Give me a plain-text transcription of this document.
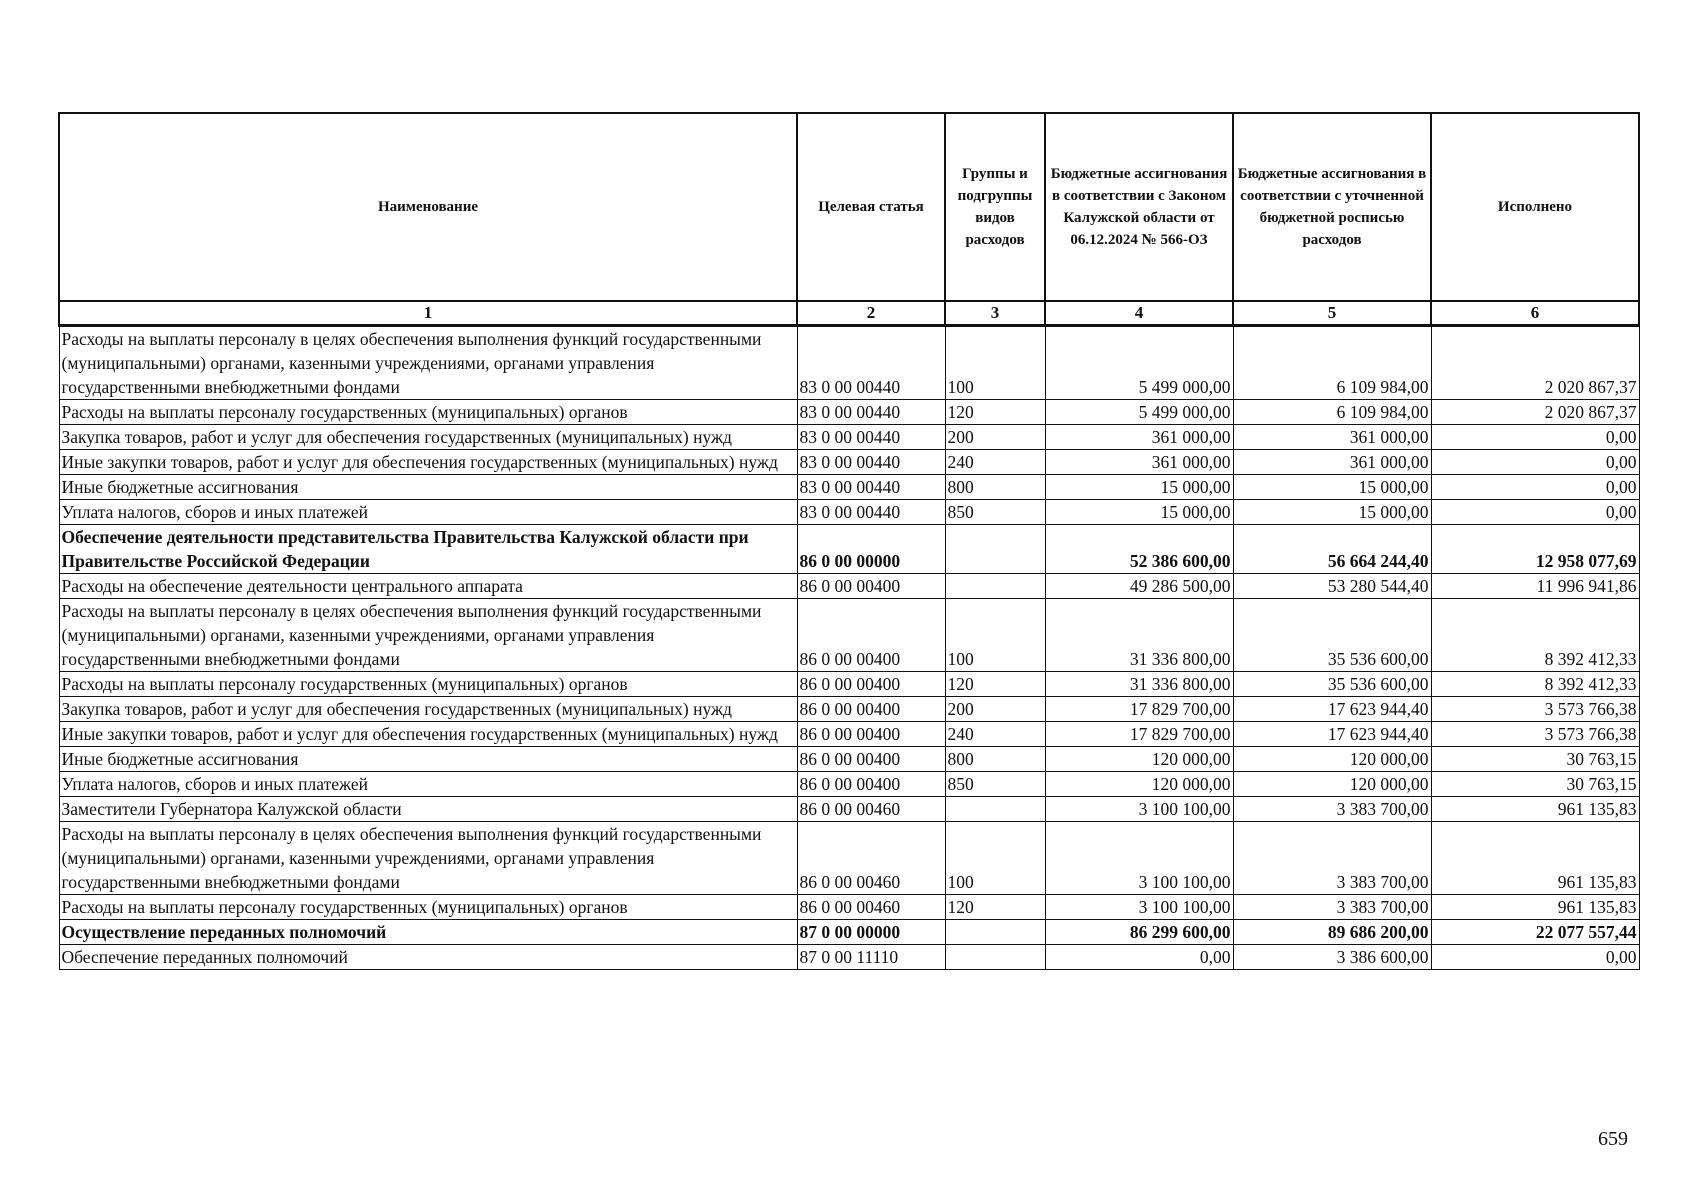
Наименование	Целевая статья	Группы и подгруппы видов расходов	Бюджетные ассигнования в соответствии с Законом Калужской области от 06.12.2024 № 566-ОЗ	Бюджетные ассигнования в соответствии с уточненной бюджетной росписью расходов	Исполнено
1	2	3	4	5	6
Расходы на выплаты персоналу в целях обеспечения выполнения функций государственными (муниципальными) органами, казенными учреждениями, органами управления государственными внебюджетными фондами	83 0 00 00440	100	5 499 000,00	6 109 984,00	2 020 867,37
Расходы на выплаты персоналу государственных (муниципальных) органов	83 0 00 00440	120	5 499 000,00	6 109 984,00	2 020 867,37
Закупка товаров, работ и услуг для обеспечения государственных (муниципальных) нужд	83 0 00 00440	200	361 000,00	361 000,00	0,00
Иные закупки товаров, работ и услуг для обеспечения государственных (муниципальных) нужд	83 0 00 00440	240	361 000,00	361 000,00	0,00
Иные бюджетные ассигнования	83 0 00 00440	800	15 000,00	15 000,00	0,00
Уплата налогов, сборов и иных платежей	83 0 00 00440	850	15 000,00	15 000,00	0,00
Обеспечение деятельности представительства Правительства Калужской области при Правительстве Российской Федерации	86 0 00 00000		52 386 600,00	56 664 244,40	12 958 077,69
Расходы на обеспечение деятельности центрального аппарата	86 0 00 00400		49 286 500,00	53 280 544,40	11 996 941,86
Расходы на выплаты персоналу в целях обеспечения выполнения функций государственными (муниципальными) органами, казенными учреждениями, органами управления государственными внебюджетными фондами	86 0 00 00400	100	31 336 800,00	35 536 600,00	8 392 412,33
Расходы на выплаты персоналу государственных (муниципальных) органов	86 0 00 00400	120	31 336 800,00	35 536 600,00	8 392 412,33
Закупка товаров, работ и услуг для обеспечения государственных (муниципальных) нужд	86 0 00 00400	200	17 829 700,00	17 623 944,40	3 573 766,38
Иные закупки товаров, работ и услуг для обеспечения государственных (муниципальных) нужд	86 0 00 00400	240	17 829 700,00	17 623 944,40	3 573 766,38
Иные бюджетные ассигнования	86 0 00 00400	800	120 000,00	120 000,00	30 763,15
Уплата налогов, сборов и иных платежей	86 0 00 00400	850	120 000,00	120 000,00	30 763,15
Заместители Губернатора Калужской области	86 0 00 00460		3 100 100,00	3 383 700,00	961 135,83
Расходы на выплаты персоналу в целях обеспечения выполнения функций государственными (муниципальными) органами, казенными учреждениями, органами управления государственными внебюджетными фондами	86 0 00 00460	100	3 100 100,00	3 383 700,00	961 135,83
Расходы на выплаты персоналу государственных (муниципальных) органов	86 0 00 00460	120	3 100 100,00	3 383 700,00	961 135,83
Осуществление переданных полномочий	87 0 00 00000		86 299 600,00	89 686 200,00	22 077 557,44
Обеспечение переданных полномочий	87 0 00 11110		0,00	3 386 600,00	0,00
659
